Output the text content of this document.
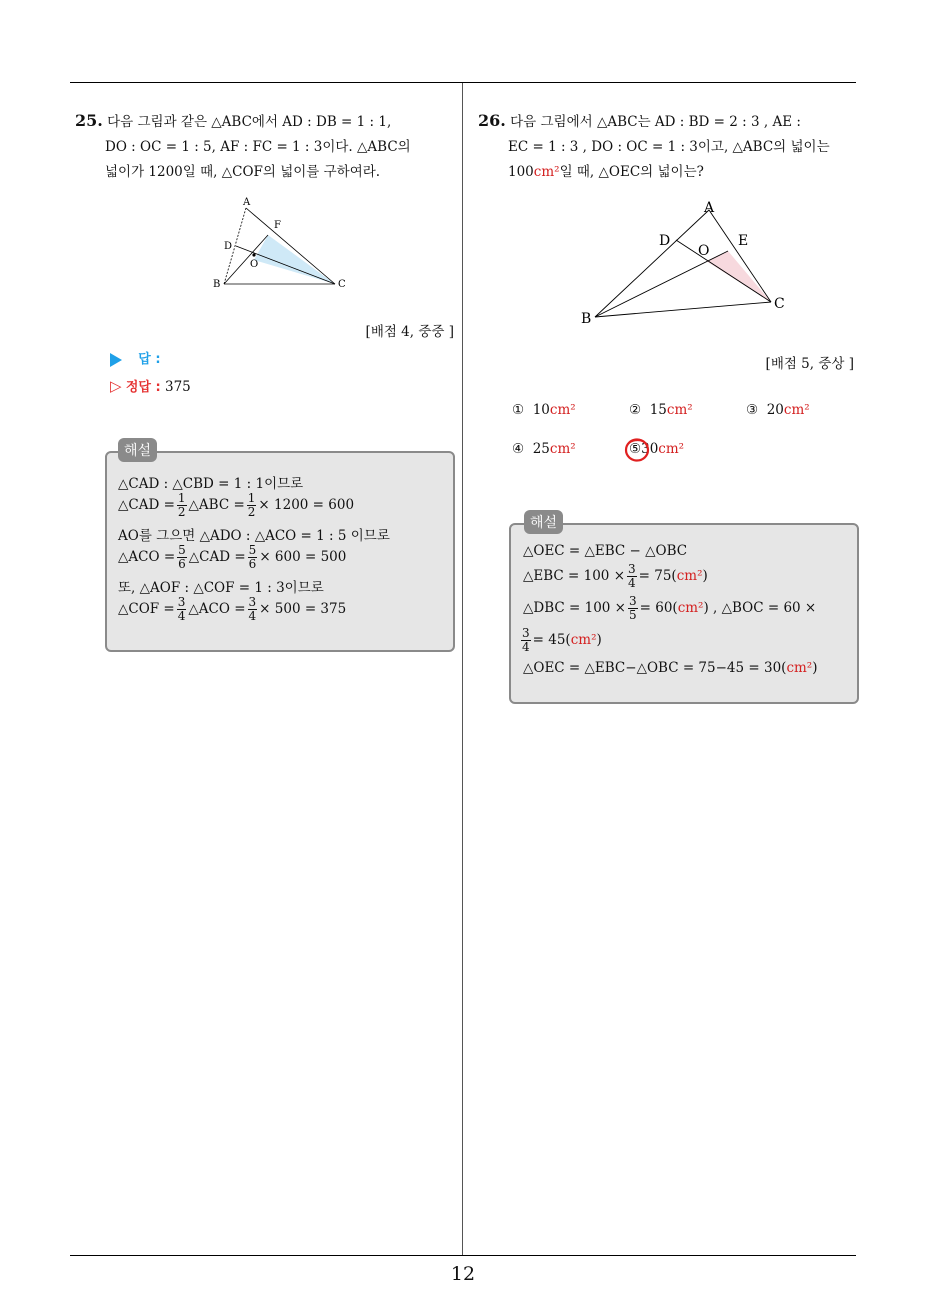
12
25. 다음 그림과 같은 △ABC에서 AD : DB = 1 : 1,
DO : OC = 1 : 5, AF : FC = 1 : 3이다. △ABC의
넓이가 1200일 때, △COF의 넓이를 구하여라.
A
B	C
D
F
O
[배점 4, 중중 ]
답 :
▷ 정답 : 375
해설
△CAD : △CBD = 1 : 1이므로
△CAD = $\frac{1}{2}$ △ABC = $\frac{1}{2} \times 1200 = 600$
AO를 그으면 △ADO : △ACO = 1 : 5 이므로
△ACO = $\frac{5}{6}$ △CAD = $\frac{5}{6} \times 600 = 500$
또, △AOF : △COF = 1 : 3이므로
△COF = $\frac{3}{4}$ △ACO = $\frac{3}{4} \times 500 = 375$
26. 다음 그림에서 △ABC는 AD : BD = 2 : 3 , AE :
EC = 1 : 3 , DO : OC = 1 : 3이고, △ABC의 넓이는
100cm²일 때, △OEC의 넓이는?
A
B
C
D	E
O
[배점 5, 중상 ]
① 10cm²	② 15cm²	③ 20cm²
④ 25cm²	⑤30cm²
해설
△OEC = △EBC − △OBC
△EBC = $100 \times \frac{3}{4} = 75(cm^2)$
△DBC = $100 \times \frac{3}{5} = 60(cm^2)$ , △BOC = 60 ×
$\frac{3}{4} = 45(cm^2)$
△OEC = △EBC−△OBC = 75−45 = 30(cm²)
